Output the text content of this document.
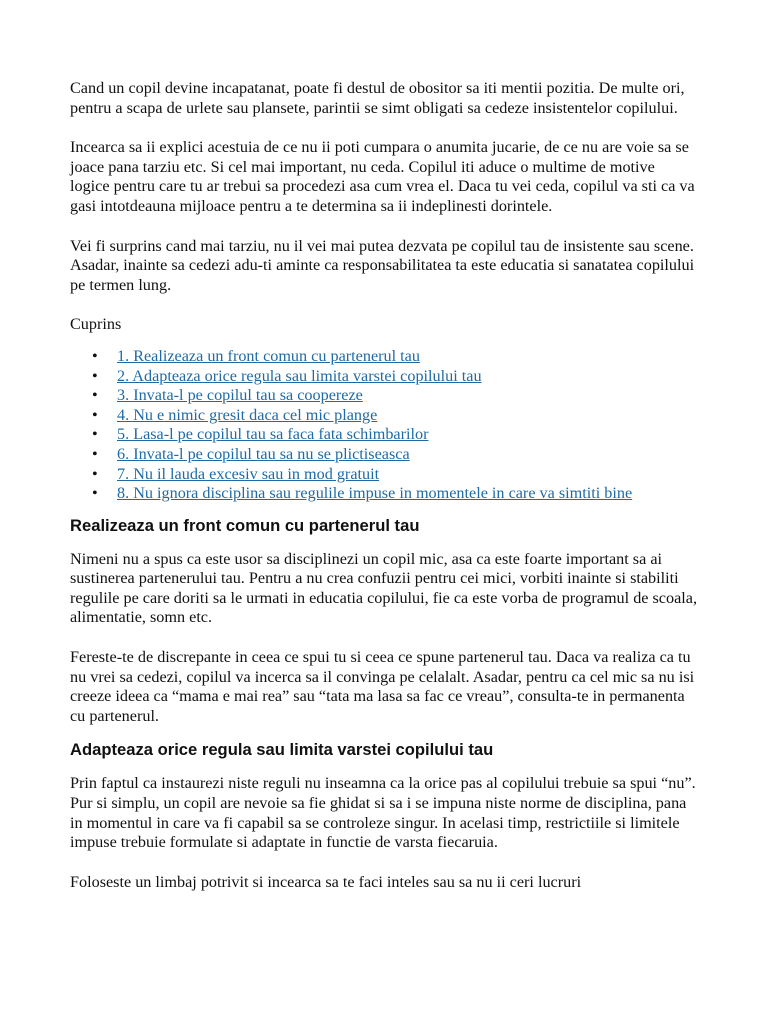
Cand un copil devine incapatanat, poate fi destul de obositor sa iti mentii pozitia. De multe ori, pentru a scapa de urlete sau plansete, parintii se simt obligati sa cedeze insistentelor copilului.

Incearca sa ii explici acestuia de ce nu ii poti cumpara o anumita jucarie, de ce nu are voie sa se joace pana tarziu etc. Si cel mai important, nu ceda. Copilul iti aduce o multime de motive logice pentru care tu ar trebui sa procedezi asa cum vrea el. Daca tu vei ceda, copilul va sti ca va gasi intotdeauna mijloace pentru a te determina sa ii indeplinesti dorintele.

Vei fi surprins cand mai tarziu, nu il vei mai putea dezvata pe copilul tau de insistente sau scene. Asadar, inainte sa cedezi adu-ti aminte ca responsabilitatea ta este educatia si sanatatea copilului pe termen lung.

Cuprins

• 1. Realizeaza un front comun cu partenerul tau
• 2. Adapteaza orice regula sau limita varstei copilului tau
• 3. Invata-l pe copilul tau sa coopereze
• 4. Nu e nimic gresit daca cel mic plange
• 5. Lasa-l pe copilul tau sa faca fata schimbarilor
• 6. Invata-l pe copilul tau sa nu se plictiseasca
• 7. Nu il lauda excesiv sau in mod gratuit
• 8. Nu ignora disciplina sau regulile impuse in momentele in care va simtiti bine
Realizeaza un front comun cu partenerul tau

Nimeni nu a spus ca este usor sa disciplinezi un copil mic, asa ca este foarte important sa ai sustinerea partenerului tau. Pentru a nu crea confuzii pentru cei mici, vorbiti inainte si stabiliti regulile pe care doriti sa le urmati in educatia copilului, fie ca este vorba de programul de scoala, alimentatie, somn etc.

Fereste-te de discrepante in ceea ce spui tu si ceea ce spune partenerul tau. Daca va realiza ca tu nu vrei sa cedezi, copilul va incerca sa il convinga pe celalalt. Asadar, pentru ca cel mic sa nu isi creeze ideea ca “mama e mai rea” sau “tata ma lasa sa fac ce vreau”, consulta-te in permanenta cu partenerul.

Adapteaza orice regula sau limita varstei copilului tau

Prin faptul ca instaurezi niste reguli nu inseamna ca la orice pas al copilului trebuie sa spui “nu”. Pur si simplu, un copil are nevoie sa fie ghidat si sa i se impuna niste norme de disciplina, pana in momentul in care va fi capabil sa se controleze singur. In acelasi timp, restrictiile si limitele impuse trebuie formulate si adaptate in functie de varsta fiecaruia.

Foloseste un limbaj potrivit si incearca sa te faci inteles sau sa nu ii ceri lucruri
